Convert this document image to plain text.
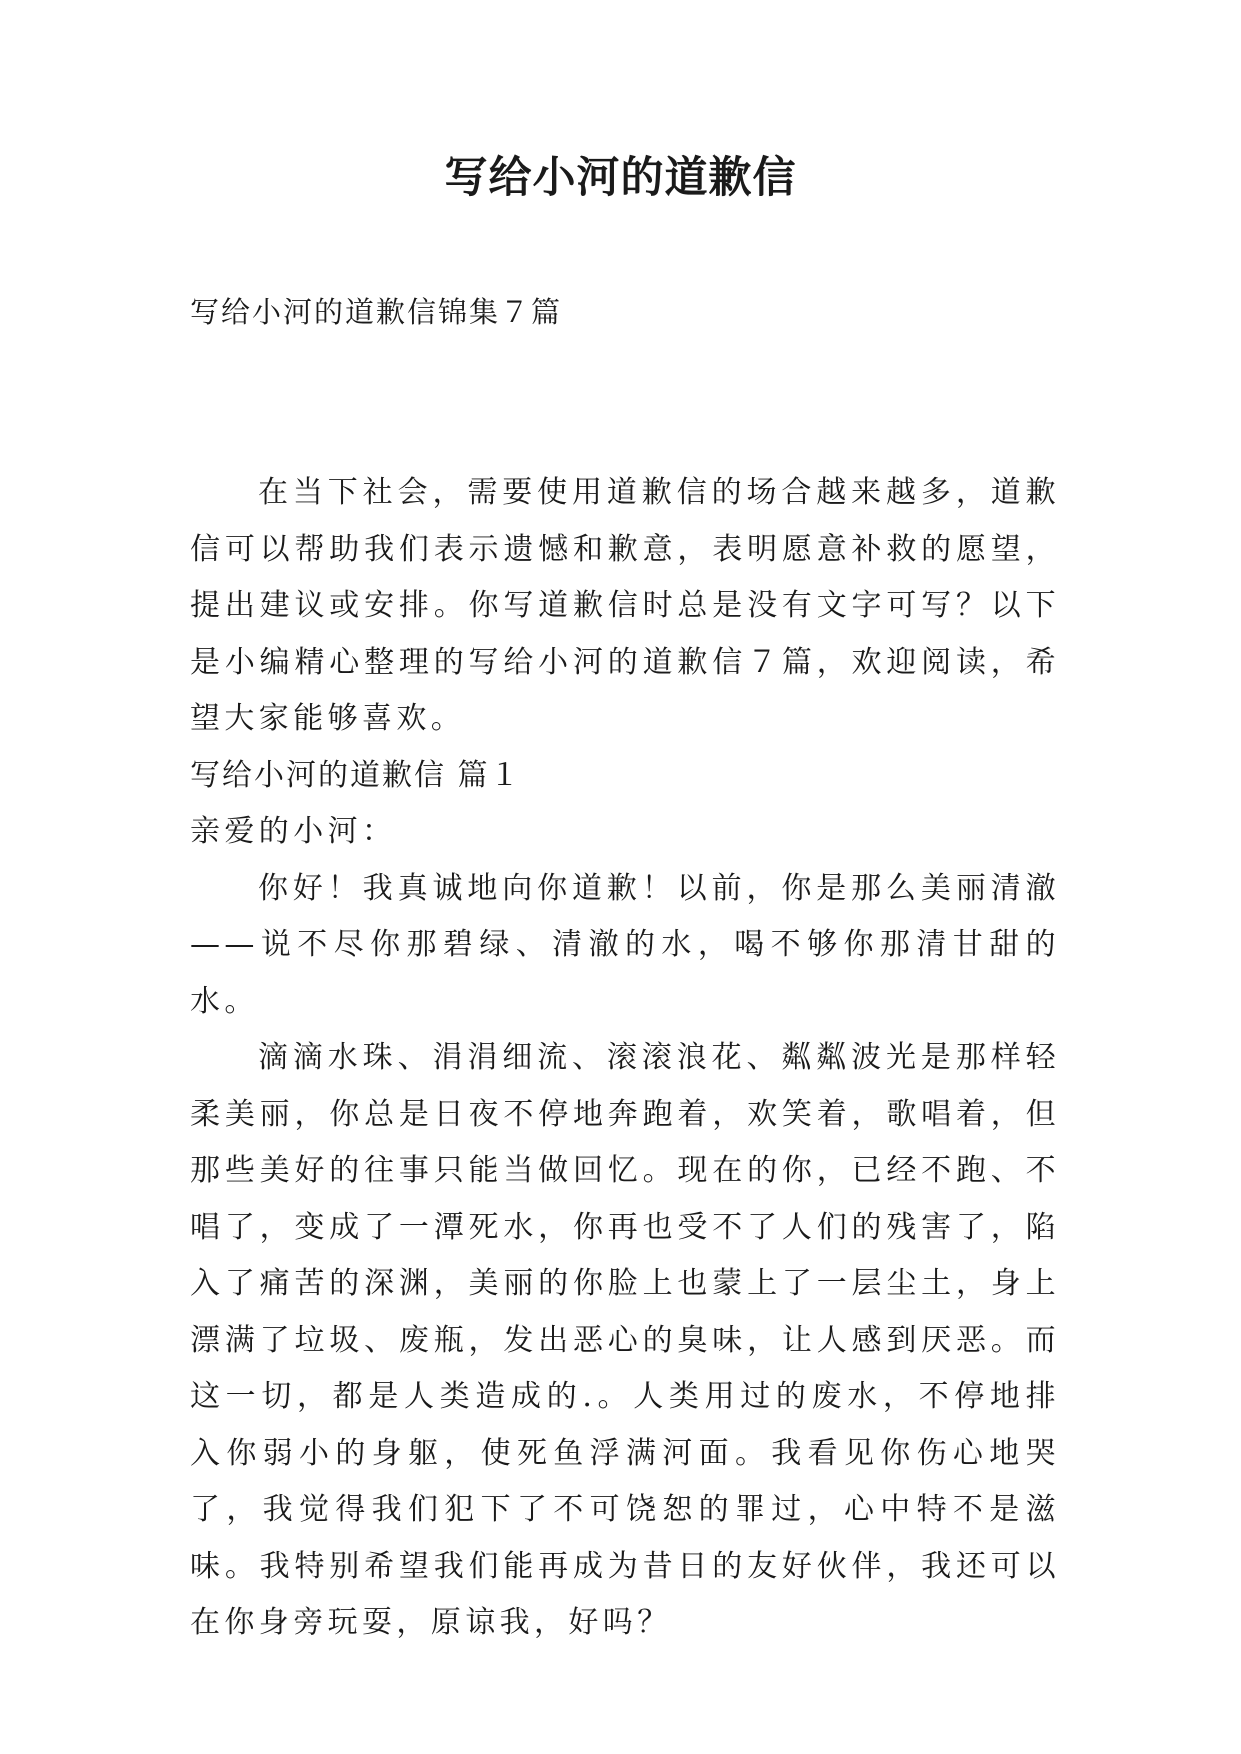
写给小河的道歉信

写给小河的道歉信锦集７篇

在当下社会，需要使用道歉信的场合越来越多，道歉信可以帮助我们表示遗憾和歉意，表明愿意补救的愿望，提出建议或安排。你写道歉信时总是没有文字可写？以下是小编精心整理的写给小河的道歉信７篇，欢迎阅读，希望大家能够喜欢。

写给小河的道歉信 篇１

亲爱的小河：

你好！我真诚地向你道歉！以前，你是那么美丽清澈——说不尽你那碧绿、清澈的水，喝不够你那清甘甜的水。

滴滴水珠、涓涓细流、滚滚浪花、粼粼波光是那样轻柔美丽，你总是日夜不停地奔跑着，欢笑着，歌唱着，但那些美好的往事只能当做回忆。现在的你，已经不跑、不唱了，变成了一潭死水，你再也受不了人们的残害了，陷入了痛苦的深渊，美丽的你脸上也蒙上了一层尘土，身上漂满了垃圾、废瓶，发出恶心的臭味，让人感到厌恶。而这一切，都是人类造成的.。人类用过的废水，不停地排入你弱小的身躯，使死鱼浮满河面。我看见你伤心地哭了，我觉得我们犯下了不可饶恕的罪过，心中特不是滋味。我特别希望我们能再成为昔日的友好伙伴，我还可以在你身旁玩耍，原谅我，好吗？
